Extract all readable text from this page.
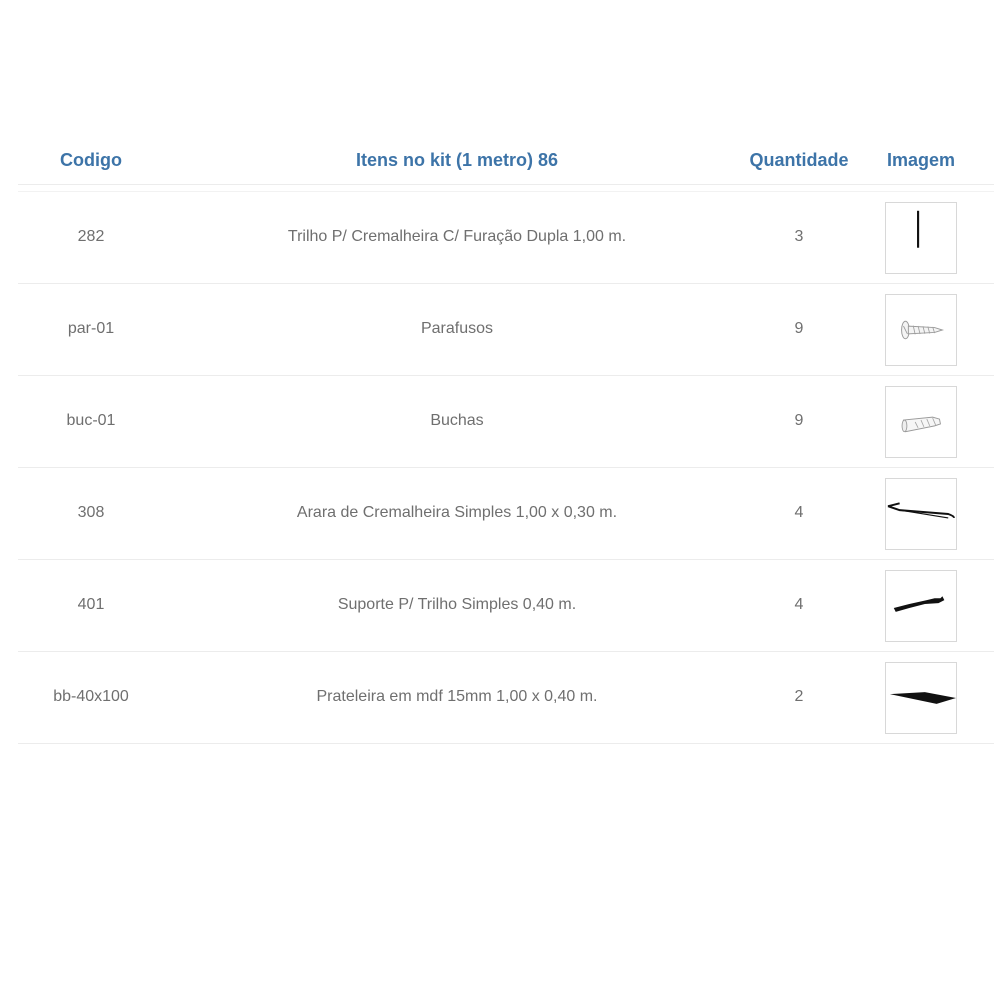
Codigo	Itens no kit (1 metro) 86	Quantidade	Imagem
282	Trilho P/ Cremalheira C/ Furação Dupla 1,00 m.	3
par-01	Parafusos	9
buc-01	Buchas	9
308	Arara de Cremalheira Simples 1,00 x 0,30 m.	4
401	Suporte P/ Trilho Simples 0,40 m.	4
bb-40x100	Prateleira em mdf 15mm 1,00 x 0,40 m.	2
